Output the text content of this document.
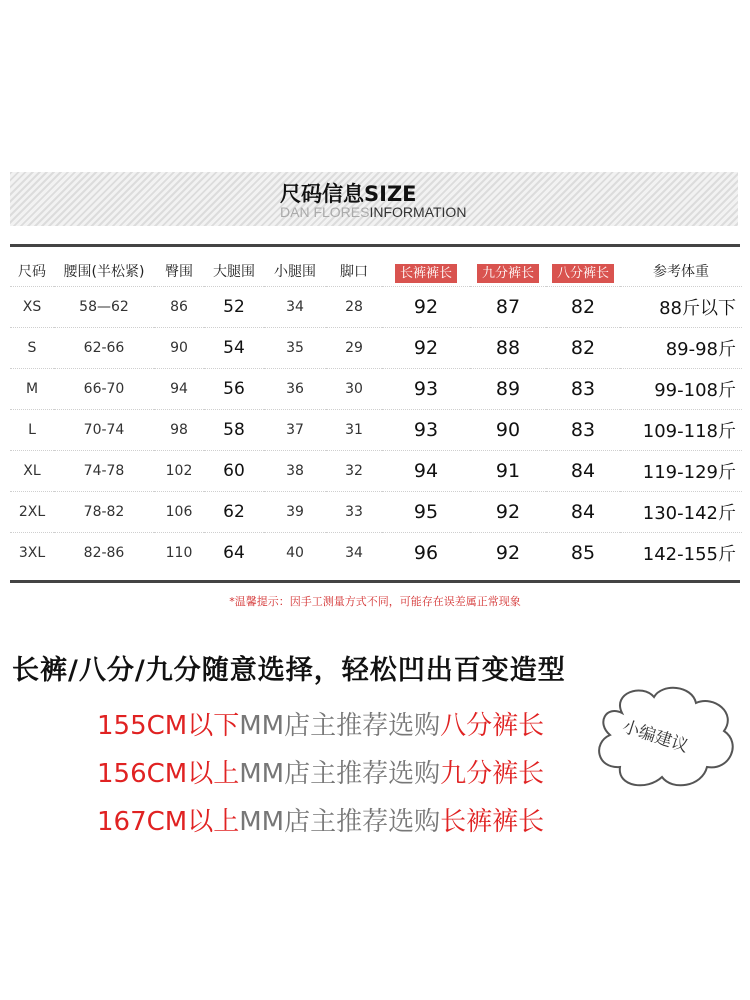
尺码信息SIZE
DAN FLORESINFORMATION
尺码	腰围(半松紧)	臀围	大腿围	小腿围	脚口	长裤裤长	九分裤长	八分裤长	参考体重
XS	58—62	86	52	34	28	92	87	82	88斤以下
S	62-66	90	54	35	29	92	88	82	89-98斤
M	66-70	94	56	36	30	93	89	83	99-108斤
L	70-74	98	58	37	31	93	90	83	109-118斤
XL	74-78	102	60	38	32	94	91	84	119-129斤
2XL	78-82	106	62	39	33	95	92	84	130-142斤
3XL	82-86	110	64	40	34	96	92	85	142-155斤
*温馨提示：因手工测量方式不同，可能存在误差属正常现象
长裤/八分/九分随意选择，轻松凹出百变造型
155CM以下MM店主推荐选购八分裤长
156CM以上MM店主推荐选购九分裤长
167CM以上MM店主推荐选购长裤裤长
小编建议
